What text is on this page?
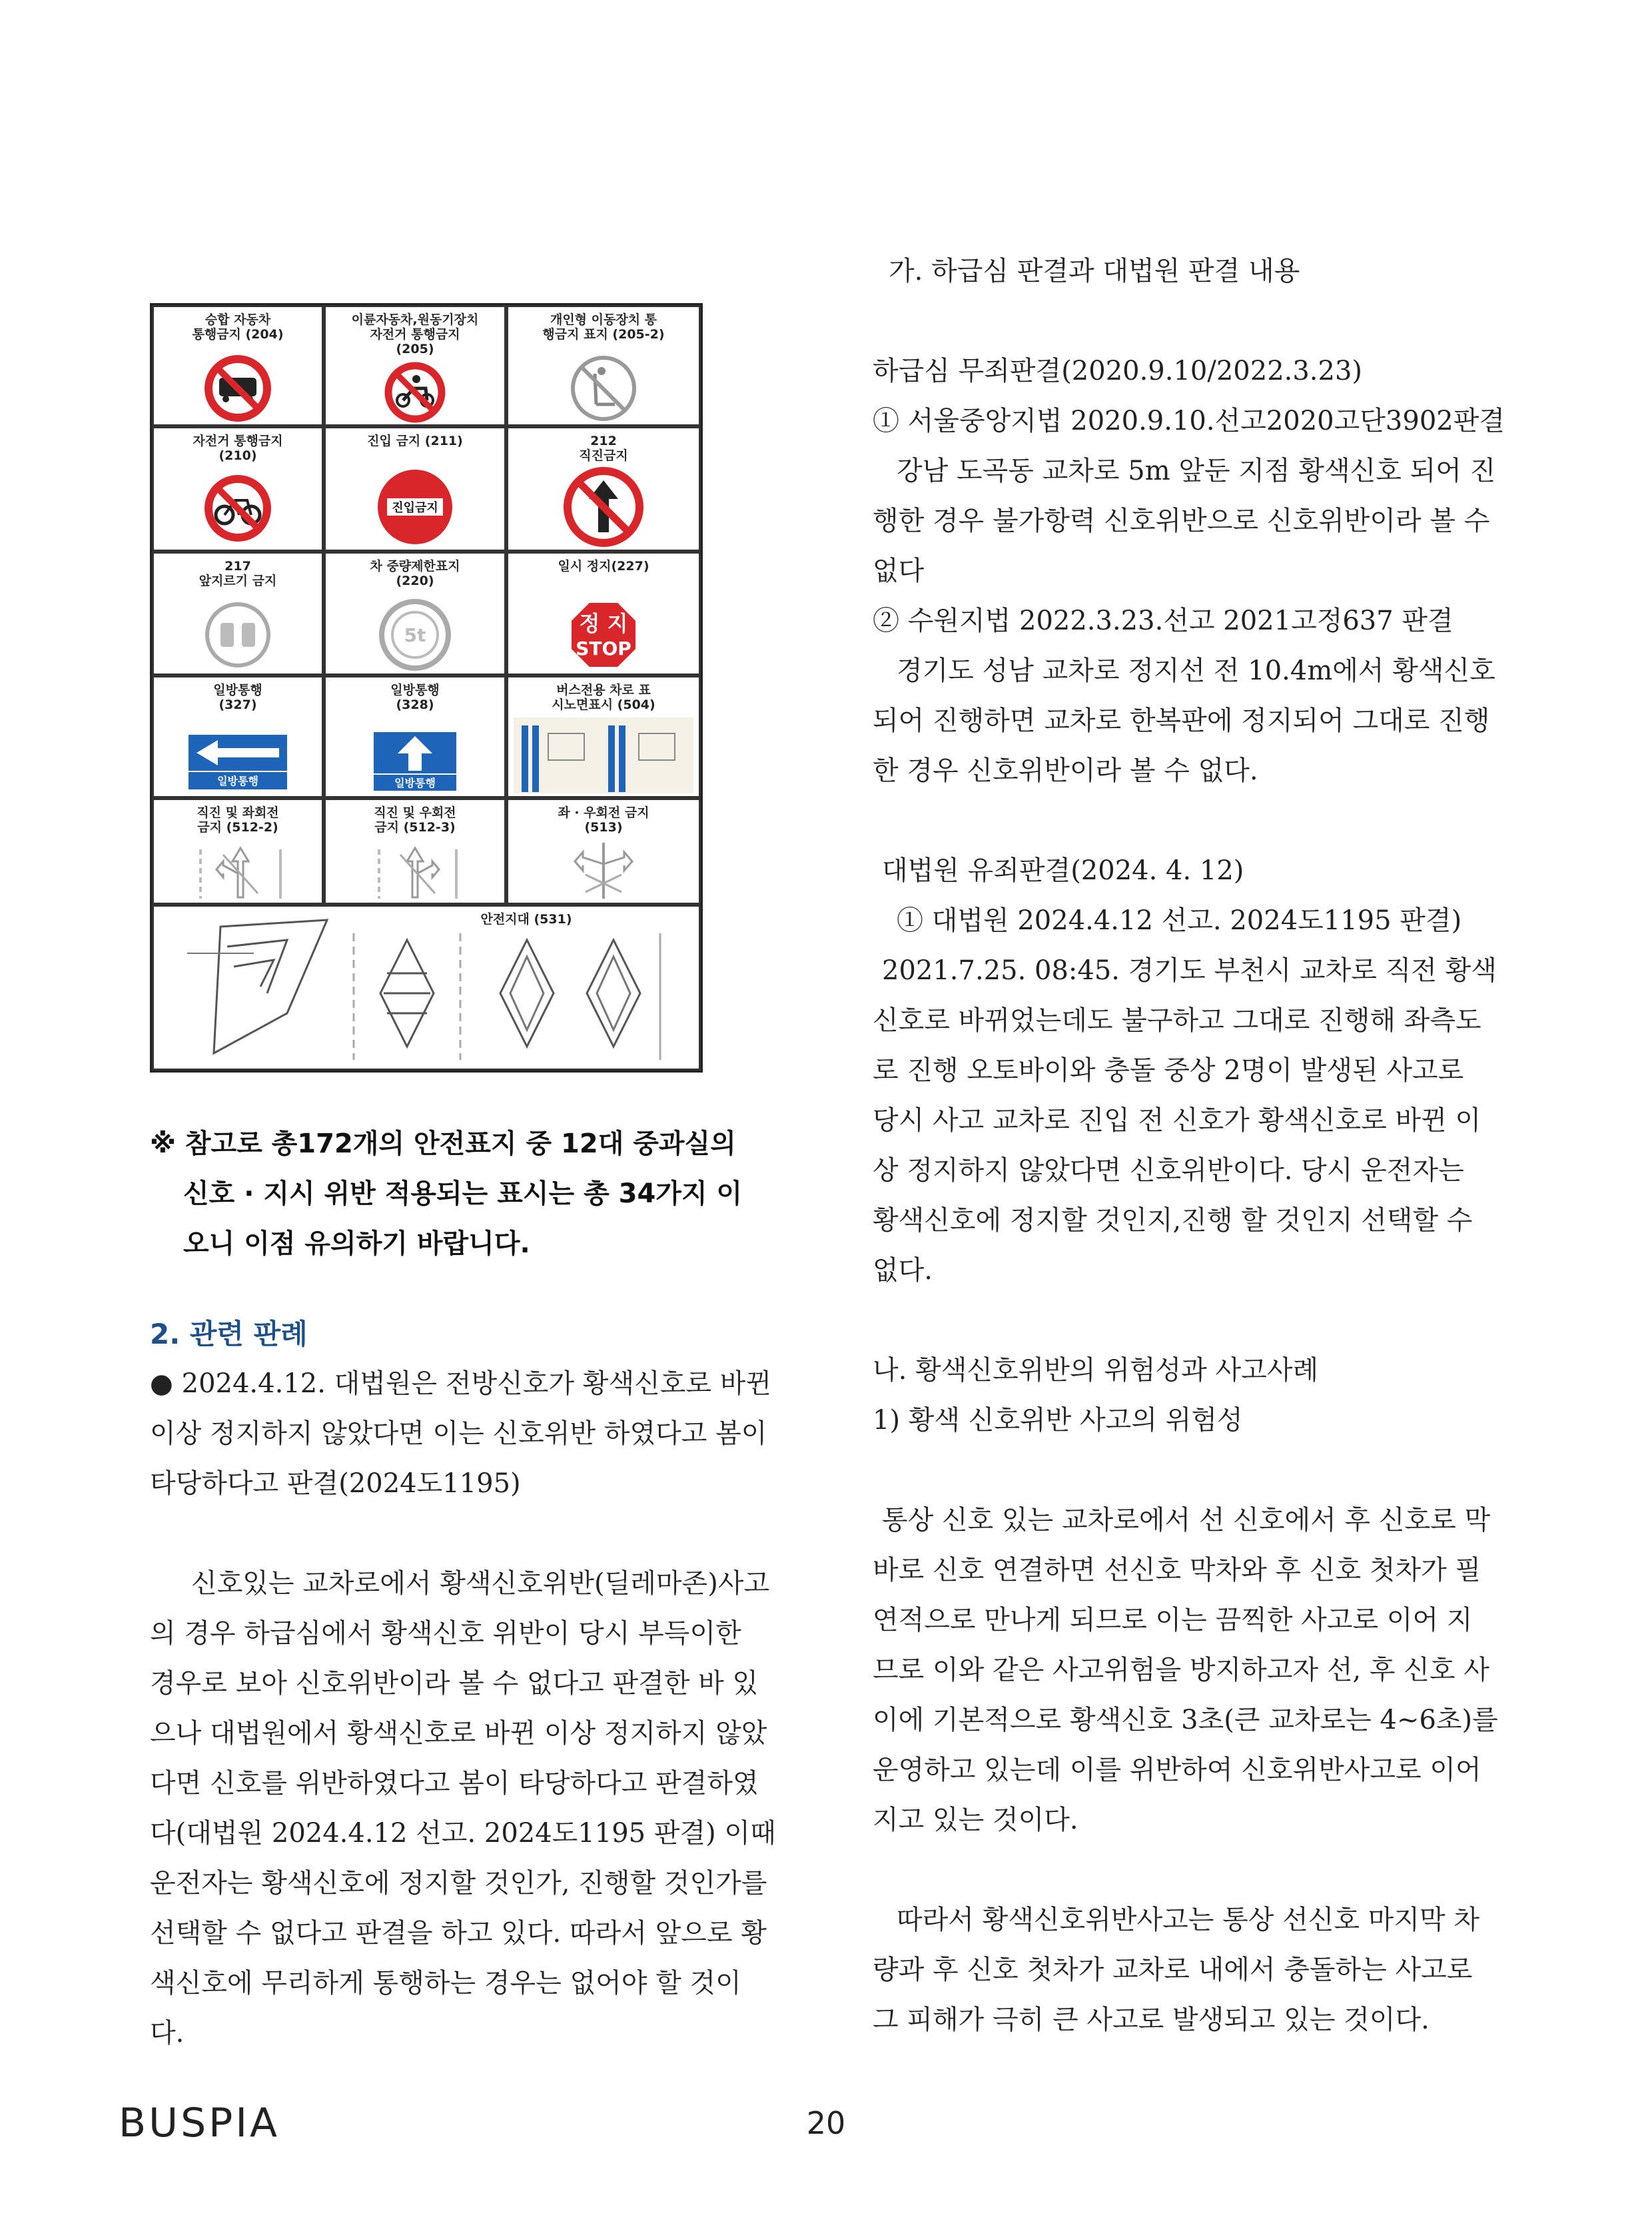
승합 자동차
통행금지 (204)
이륜자동차,원동기장치
자전거 통행금지
(205)
개인형 이동장치 통
행금지 표지 (205-2)
자전거 통행금지
(210)
진입 금지 (211)
진입금지
212
직진금지
217
앞지르기 금지
차 중량제한표지
(220)
5t
일시 정지(227)
정 지
STOP
일방통행
(327)
일방통행
일방통행
(328)
일방통행
버스전용 차로 표
시노면표시 (504)
직진 및 좌회전
금지 (512-2)
직진 및 우회전
금지 (512-3)
좌 · 우회전 금지
(513)
안전지대 (531)
※ 참고로 총172개의 안전표지 중 12대 중과실의
신호 · 지시 위반 적용되는 표시는 총 34가지 이
오니 이점 유의하기 바랍니다.
2. 관련 판례
● 2024.4.12. 대법원은 전방신호가 황색신호로 바뀐
이상 정지하지 않았다면 이는 신호위반 하였다고 봄이
타당하다고 판결(2024도1195)
신호있는 교차로에서 황색신호위반(딜레마존)사고
의 경우 하급심에서 황색신호 위반이 당시 부득이한
경우로 보아 신호위반이라 볼 수 없다고 판결한 바 있
으나 대법원에서 황색신호로 바뀐 이상 정지하지 않았
다면 신호를 위반하였다고 봄이 타당하다고 판결하였
다(대법원 2024.4.12 선고. 2024도1195 판결) 이때
운전자는 황색신호에 정지할 것인가, 진행할 것인가를
선택할 수 없다고 판결을 하고 있다. 따라서 앞으로 황
색신호에 무리하게 통행하는 경우는 없어야 할 것이
다.
가. 하급심 판결과 대법원 판결 내용
하급심 무죄판결(2020.9.10/2022.3.23)
① 서울중앙지법 2020.9.10.선고2020고단3902판결
강남 도곡동 교차로 5m 앞둔 지점 황색신호 되어 진
행한 경우 불가항력 신호위반으로 신호위반이라 볼 수
없다
② 수원지법 2022.3.23.선고 2021고정637 판결
경기도 성남 교차로 정지선 전 10.4m에서 황색신호
되어 진행하면 교차로 한복판에 정지되어 그대로 진행
한 경우 신호위반이라 볼 수 없다.
대법원 유죄판결(2024. 4. 12)
① 대법원 2024.4.12 선고. 2024도1195 판결)
2021.7.25. 08:45. 경기도 부천시 교차로 직전 황색
신호로 바뀌었는데도 불구하고 그대로 진행해 좌측도
로 진행 오토바이와 충돌 중상 2명이 발생된 사고로
당시 사고 교차로 진입 전 신호가 황색신호로 바뀐 이
상 정지하지 않았다면 신호위반이다. 당시 운전자는
황색신호에 정지할 것인지,진행 할 것인지 선택할 수
없다.
나. 황색신호위반의 위험성과 사고사례
1) 황색 신호위반 사고의 위험성
통상 신호 있는 교차로에서 선 신호에서 후 신호로 막
바로 신호 연결하면 선신호 막차와 후 신호 첫차가 필
연적으로 만나게 되므로 이는 끔찍한 사고로 이어 지
므로 이와 같은 사고위험을 방지하고자 선, 후 신호 사
이에 기본적으로 황색신호 3초(큰 교차로는 4~6초)를
운영하고 있는데 이를 위반하여 신호위반사고로 이어
지고 있는 것이다.
따라서 황색신호위반사고는 통상 선신호 마지막 차
량과 후 신호 첫차가 교차로 내에서 충돌하는 사고로
그 피해가 극히 큰 사고로 발생되고 있는 것이다.
BUSPIA	20
